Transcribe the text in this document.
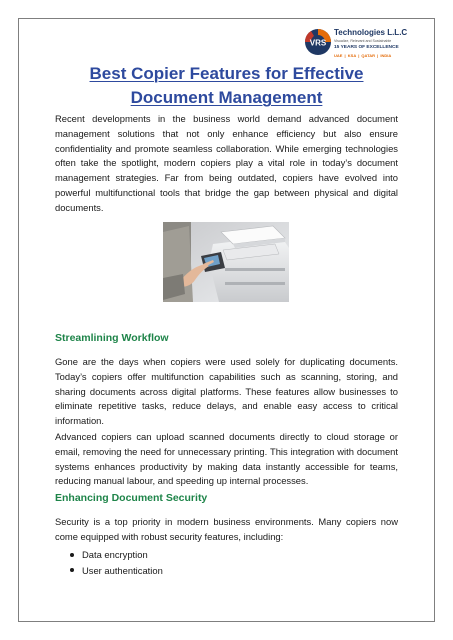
VRS
Technologies L.L.C
Visualize, Relevant and Sustainable
15 YEARS OF EXCELLENCE
UAE | KSA | QATAR | INDIA
Best Copier Features for Effective
Document Management

Recent developments in the business world demand advanced document management solutions that not only enhance efficiency but also ensure confidentiality and promote seamless collaboration. While emerging technologies often take the spotlight, modern copiers play a vital role in today’s document management strategies. Far from being outdated, copiers have evolved into powerful multifunctional tools that bridge the gap between physical and digital documents.

Streamlining Workflow

Gone are the days when copiers were used solely for duplicating documents. Today’s copiers offer multifunction capabilities such as scanning, storing, and sharing documents across digital platforms. These features allow businesses to eliminate repetitive tasks, reduce delays, and enable easy access to critical information.

Advanced copiers can upload scanned documents directly to cloud storage or email, removing the need for unnecessary printing. This integration with document systems enhances productivity by making data instantly accessible for teams, reducing manual labour, and speeding up internal processes.

Enhancing Document Security

Security is a top priority in modern business environments. Many copiers now come equipped with robust security features, including:

Data encryption
User authentication
